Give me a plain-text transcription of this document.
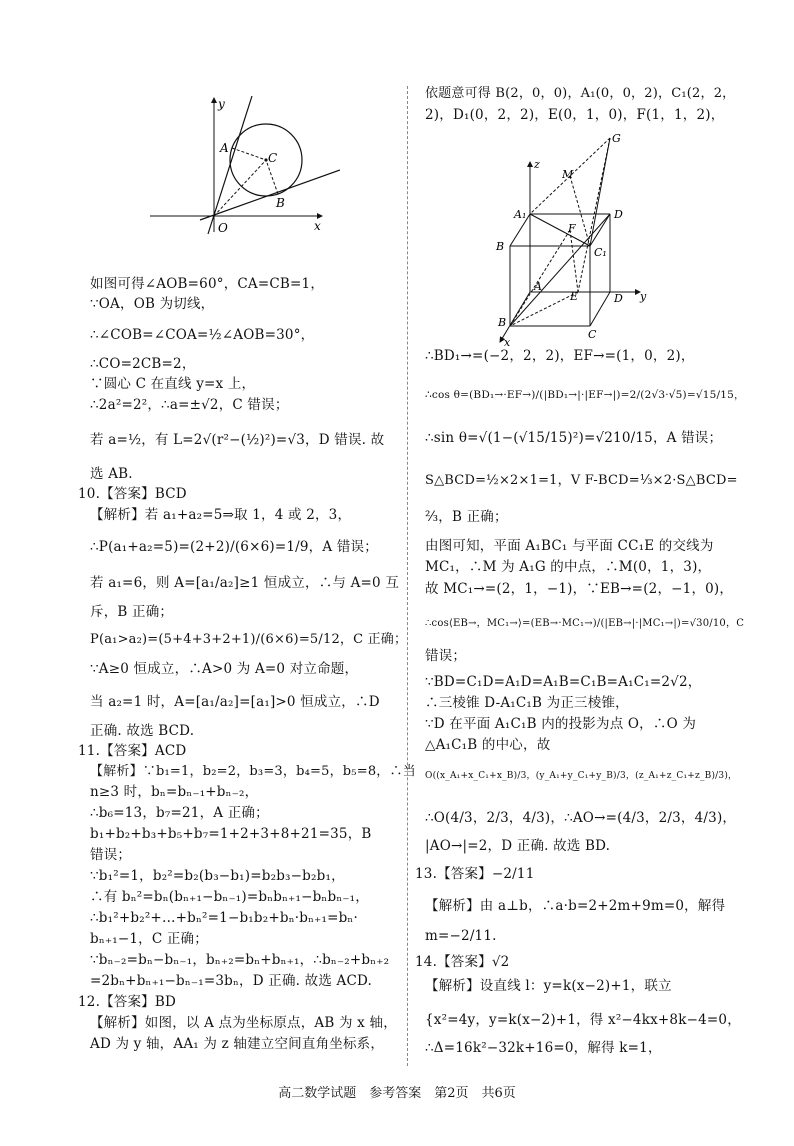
y
x
O
A
C
B
z
G
M
A₁	D
B	C₁
F
A
E	D y
B
C
x
如图可得∠AOB=60°，CA=CB=1，
∵OA，OB 为切线，
∴∠COB=∠COA=½∠AOB=30°，
∴CO=2CB=2，
∵圆心 C 在直线 y=x 上，
∴2a²=2²，∴a=±√2，C 错误；
若 a=½，有 L=2√(r²−(½)²)=√3，D 错误. 故
选 AB.
10.【答案】BCD
【解析】若 a₁+a₂=5⇒取 1，4 或 2，3，
∴P(a₁+a₂=5)=(2+2)/(6×6)=1/9，A 错误；
若 a₁=6，则 A=[a₁/a₂]≥1 恒成立，∴与 A=0 互
斥，B 正确；
P(a₁>a₂)=(5+4+3+2+1)/(6×6)=5/12，C 正确；
∵A≥0 恒成立，∴A>0 为 A=0 对立命题，
当 a₂=1 时，A=[a₁/a₂]=[a₁]>0 恒成立，∴D
正确. 故选 BCD.
11.【答案】ACD
【解析】∵b₁=1，b₂=2，b₃=3，b₄=5，b₅=8，∴当
n≥3 时，bₙ=bₙ₋₁+bₙ₋₂，
∴b₆=13，b₇=21，A 正确；
b₁+b₂+b₃+b₅+b₇=1+2+3+8+21=35，B
错误；
∵b₁²=1，b₂²=b₂(b₃−b₁)=b₂b₃−b₂b₁，
∴有 bₙ²=bₙ(bₙ₊₁−bₙ₋₁)=bₙbₙ₊₁−bₙbₙ₋₁，
∴b₁²+b₂²+…+bₙ²=1−b₁b₂+bₙ·bₙ₊₁=bₙ·
bₙ₊₁−1，C 正确；
∵bₙ₋₂=bₙ−bₙ₋₁，bₙ₊₂=bₙ+bₙ₊₁，∴bₙ₋₂+bₙ₊₂
=2bₙ+bₙ₊₁−bₙ₋₁=3bₙ，D 正确. 故选 ACD.
12.【答案】BD
【解析】如图，以 A 点为坐标原点，AB 为 x 轴，
AD 为 y 轴，AA₁ 为 z 轴建立空间直角坐标系，
依题意可得 B(2，0，0)，A₁(0，0，2)，C₁(2，2，
2)，D₁(0，2，2)，E(0，1，0)，F(1，1，2)，
∴BD₁→=(−2，2，2)，EF→=(1，0，2)，
∴cos θ=(BD₁→·EF→)/(|BD₁→|·|EF→|)=2/(2√3·√5)=√15/15，
∴sin θ=√(1−(√15/15)²)=√210/15，A 错误；
S△BCD=½×2×1=1，V F-BCD=⅓×2·S△BCD=
⅔，B 正确；
由图可知，平面 A₁BC₁ 与平面 CC₁E 的交线为
MC₁，∴M 为 A₁G 的中点，∴M(0，1，3)，
故 MC₁→=(2，1，−1)，∵EB→=(2，−1，0)，
∴cos⟨EB→，MC₁→⟩=(EB→·MC₁→)/(|EB→|·|MC₁→|)=√30/10，C
错误；
∵BD=C₁D=A₁D=A₁B=C₁B=A₁C₁=2√2，
∴三棱锥 D-A₁C₁B 为正三棱锥，
∵D 在平面 A₁C₁B 内的投影为点 O，∴O 为
△A₁C₁B 的中心，故
O((x_A₁+x_C₁+x_B)/3，(y_A₁+y_C₁+y_B)/3，(z_A₁+z_C₁+z_B)/3)，
∴O(4/3，2/3，4/3)，∴AO→=(4/3，2/3，4/3)，
|AO→|=2，D 正确. 故选 BD.
13.【答案】−2/11
【解析】由 a⊥b，∴a·b=2+2m+9m=0，解得
m=−2/11.
14.【答案】√2
【解析】设直线 l：y=k(x−2)+1，联立
{x²=4y，y=k(x−2)+1，得 x²−4kx+8k−4=0，
∴Δ=16k²−32k+16=0，解得 k=1，
高二数学试题　参考答案　第2页　共6页
